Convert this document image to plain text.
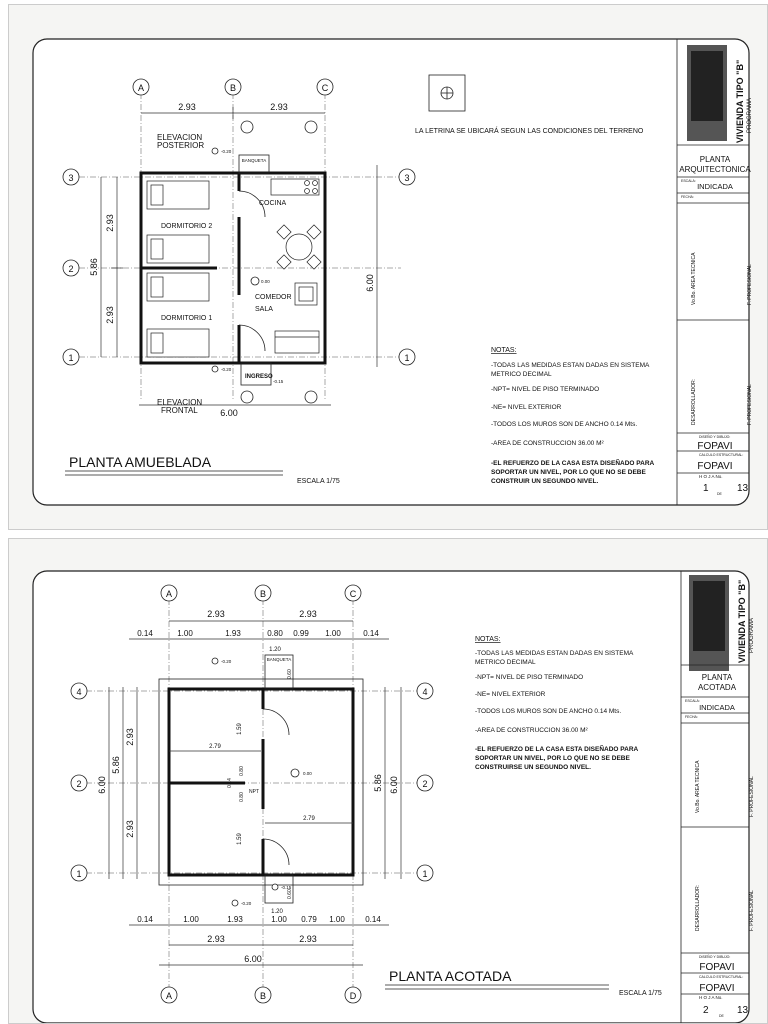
A	B	C
3
2
1
3
1
2.93	2.93
5.86
2.93
2.93
6.00
6.00
BANQUETA
ELEVACION
POSTERIOR
ELEVACION
FRONTAL
DORMITORIO 2
DORMITORIO 1
COCINA
COMEDOR
SALA
INGRESO
-0.20
0.00
-0.20
-0.15
LA LETRINA SE UBICARÁ SEGUN LAS CONDICIONES DEL TERRENO
NOTAS:
-TODAS LAS MEDIDAS ESTAN DADAS EN SISTEMA
METRICO DECIMAL
-NPT= NIVEL DE PISO TERMINADO
-NE= NIVEL EXTERIOR
-TODOS LOS MUROS SON DE ANCHO 0.14 Mts.
-AREA DE CONSTRUCCION 36.00 M²
-EL REFUERZO DE LA CASA ESTA DISEÑADO PARA
SOPORTAR UN NIVEL, POR LO QUE NO SE DEBE
CONSTRUIR UN SEGUNDO NIVEL.
PLANTA AMUEBLADA
ESCALA 1/75
VIVIENDA TIPO "B" PROGRAMA
PLANTA
ARQUITECTONICA
ESCALA:
INDICADA
FECHA:
Vo.Bo. AREA TECNICA	F. PROFESIONAL
DESARROLLADOR:	F. PROFESIONAL
DISEÑO Y DIBUJO:
FOPAVI
CALCULO ESTRUCTURAL:
FOPAVI
H O J A No.
1 DE 13
A	B	C
A	B	D
4
2
1
4
2
1
2.93	2.93
0.14	1.00	1.93	0.80 0.99 1.00	0.14
6.00
5.86
2.93
2.93
5.86 6.00
BANQUETA
1.20
0.60
1.20
0.60
2.79
1.59
0.14
0.80
0.80
NPT
1.59
2.79
-0.20
0.00
-0.15
-0.20
0.14	1.00	1.93	1.00 0.79 1.00	0.14
2.93	2.93
6.00
NOTAS:
-TODAS LAS MEDIDAS ESTAN DADAS EN SISTEMA
METRICO DECIMAL
-NPT= NIVEL DE PISO TERMINADO
-NE= NIVEL EXTERIOR
-TODOS LOS MUROS SON DE ANCHO 0.14 Mts.
-AREA DE CONSTRUCCION 36.00 M²
-EL REFUERZO DE LA CASA ESTA DISEÑADO PARA
SOPORTAR UN NIVEL, POR LO QUE NO SE DEBE
CONSTRUIRSE UN SEGUNDO NIVEL.
PLANTA ACOTADA
ESCALA 1/75
VIVIENDA TIPO "B" PROGRAMA
PLANTA
ACOTADA
ESCALA:
INDICADA
FECHA:
Vo.Bo. AREA TECNICA	F. PROFESIONAL
DESARROLLADOR:	F. PROFESIONAL
DISEÑO Y DIBUJO:
FOPAVI
CALCULO ESTRUCTURAL:
FOPAVI
H O J A No.
2	DE 13
